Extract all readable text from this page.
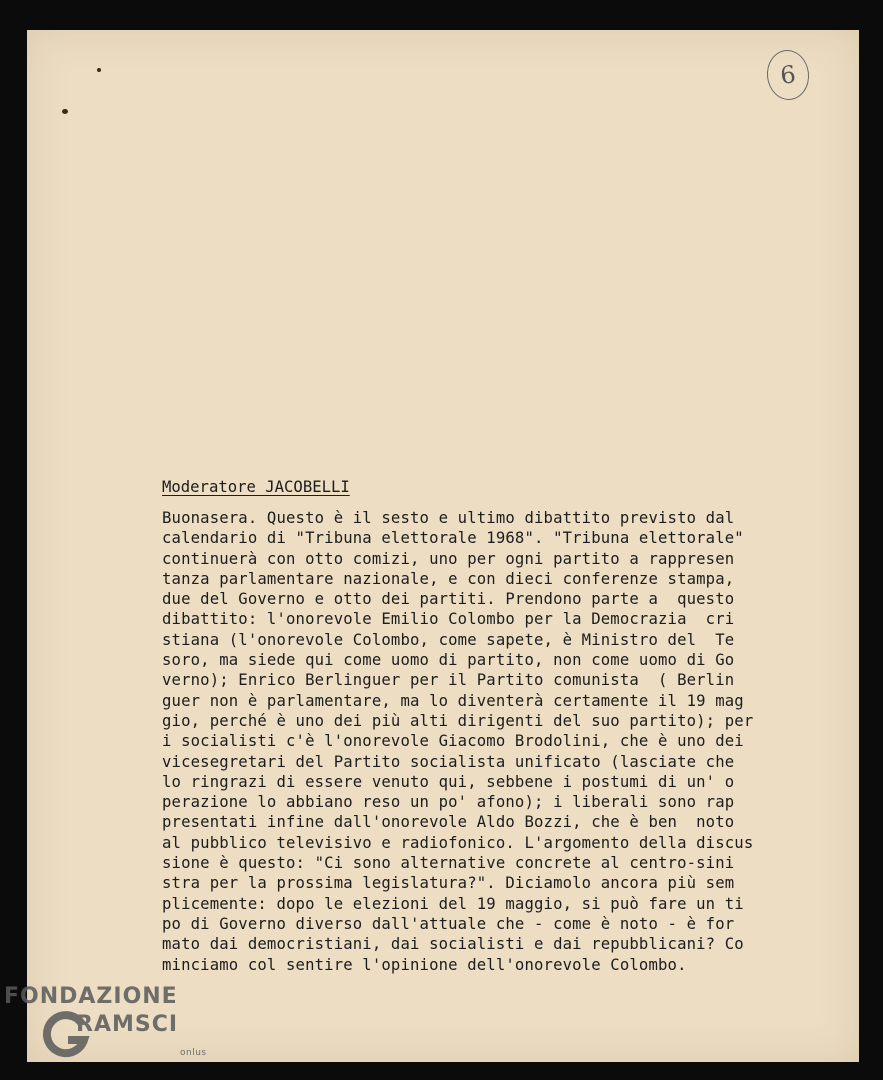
6
Moderatore JACOBELLI
Buonasera. Questo è il sesto e ultimo dibattito previsto dal
calendario di "Tribuna elettorale 1968". "Tribuna elettorale"
continuerà con otto comizi, uno per ogni partito a rappresen
tanza parlamentare nazionale, e con dieci conferenze stampa,
due del Governo e otto dei partiti. Prendono parte a  questo
dibattito: l'onorevole Emilio Colombo per la Democrazia  cri
stiana (l'onorevole Colombo, come sapete, è Ministro del  Te
soro, ma siede qui come uomo di partito, non come uomo di Go
verno); Enrico Berlinguer per il Partito comunista  ( Berlin
guer non è parlamentare, ma lo diventerà certamente il 19 mag
gio, perché è uno dei più alti dirigenti del suo partito); per
i socialisti c'è l'onorevole Giacomo Brodolini, che è uno dei
vicesegretari del Partito socialista unificato (lasciate che
lo ringrazi di essere venuto qui, sebbene i postumi di un' o
perazione lo abbiano reso un po' afono); i liberali sono rap
presentati infine dall'onorevole Aldo Bozzi, che è ben  noto
al pubblico televisivo e radiofonico. L'argomento della discus
sione è questo: "Ci sono alternative concrete al centro-sini
stra per la prossima legislatura?". Diciamolo ancora più sem
plicemente: dopo le elezioni del 19 maggio, si può fare un ti
po di Governo diverso dall'attuale che - come è noto - è for
mato dai democristiani, dai socialisti e dai repubblicani? Co
minciamo col sentire l'opinione dell'onorevole Colombo.
FONDAZIONE
RAMSCI
onlus
